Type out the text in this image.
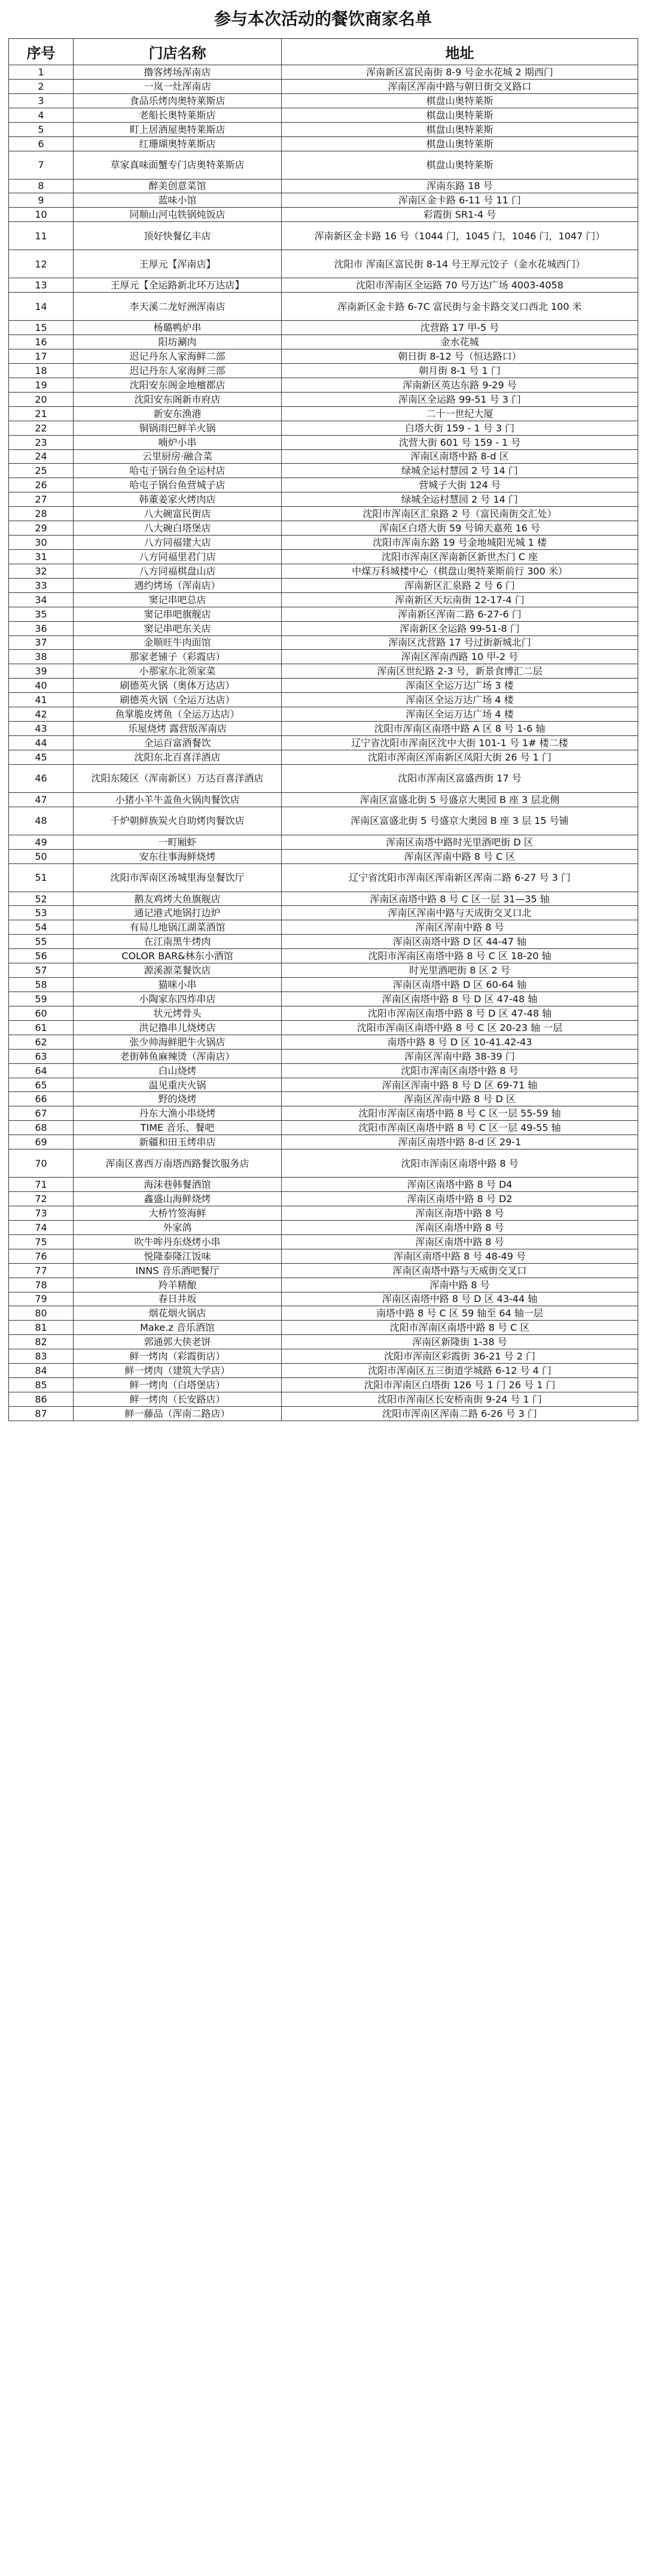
参与本次活动的餐饮商家名单
序号	门店名称	地址
1	撸客烤场浑南店	浑南新区富民南街 8-9 号金水花城 2 期西门
2	一岚一灶浑南店	浑南区浑南中路与朝日街交叉路口
3	食品乐烤肉奥特莱斯店	棋盘山奥特莱斯
4	老船长奥特莱斯店	棋盘山奥特莱斯
5	町上居酒屋奥特莱斯店	棋盘山奥特莱斯
6	红珊瑚奥特莱斯店	棋盘山奥特莱斯
7	草家真味面蟹专门店奥特莱斯店	棋盘山奥特莱斯
8	醉美创意菜馆	浑南东路 18 号
9	蓝味小馆	浑南区金卡路 6-11 号 11 门
10	同顺山河屯铁锅炖饭店	彩霞街 SR1-4 号
11	顶好快餐亿丰店	浑南新区金卡路 16 号（1044 门，1045 门，1046 门，1047 门）
12	王厚元【浑南店】	沈阳市 浑南区富民街 8-14 号王厚元饺子（金水花城西门）
13	王厚元【全运路新北环万达店】	沈阳市浑南区全运路 70 号万达广场 4003-4058
14	李天溪二龙好洲浑南店	浑南新区金卡路 6-7C 富民街与金卡路交叉口西北 100 米
15	杨璐鸭炉串	沈营路 17 甲-5 号
16	阳坊涮肉	金水花城
17	迟记丹东人家海鲜二部	朝日街 8-12 号（恒达路口）
18	迟记丹东人家海鲜三部	朝月街 8-1 号 1 门
19	沈阳安东阁金地檀郡店	浑南新区英达东路 9-29 号
20	沈阳安东阁新市府店	浑南区全运路 99-51 号 3 门
21	新安东渔港	二十一世纪大厦
22	铜锅雨巴鲜羊火锅	白塔大街 159 - 1 号 3 门
23	喃炉小串	沈营大街 601 号 159 - 1 号
24	云里厨房·融合菜	浑南区南塔中路 8-d 区
25	哈屯子锅台鱼全运村店	绿城全运村慧园 2 号 14 门
26	哈屯子锅台鱼营城子店	营城子大街 124 号
27	韩董姜家火烤肉店	绿城全运村慧园 2 号 14 门
28	八大碗富民街店	沈阳市浑南区汇泉路 2 号（富民南街交汇处）
29	八大碗白塔堡店	浑南区白塔大街 59 号锦天嘉苑 16 号
30	八方同福建大店	沈阳市浑南东路 19 号金地城阳光城 1 楼
31	八方同福里君门店	沈阳市浑南区浑南新区新世杰门 C 座
32	八方同福棋盘山店	中煤万科城楼中心（棋盘山奥特莱斯前行 300 米）
33	遇约烤场（浑南店）	浑南新区汇泉路 2 号 6 门
34	窦记串吧总店	浑南新区天坛南街 12-17-4 门
35	窦记串吧旗舰店	浑南新区浑南二路 6-27-6 门
36	窦记串吧东关店	浑南新区全运路 99-51-8 门
37	金顺旺牛肉面馆	浑南区沈营路 17 号过街新城北门
38	那家老铺子（彩霞店）	浑南区浑南西路 10 甲-2 号
39	小那家东北领家菜	浑南区世纪路 2-3 号，新景食博汇二层
40	刷德英火锅（奥体万达店）	浑南区全运万达广场 3 楼
41	刷德英火锅（全运万达店）	浑南区全运万达广场 4 楼
42	鱼掌脆皮烤鱼（全运万达店）	浑南区全运万达广场 4 楼
43	乐屋烧烤 露营版浑南店	沈阳市浑南区南塔中路 A 区 8 号 1-6 轴
44	全运百富酒餐饮	辽宁省沈阳市浑南区沈中大街 101-1 号 1# 楼二楼
45	沈阳东北百喜洋酒店	沈阳市浑南区浑南新区凤阳大街 26 号 1 门
46	沈阳东陵区（浑南新区）万达百喜洋酒店	沈阳市浑南区富盛西街 17 号
47	小猪小羊牛盖鱼火锅肉餐饮店	浑南区富盛北街 5 号盛京大奥园 B 座 3 层北侧
48	千炉朝鲜族炭火自助烤肉餐饮店	浑南区富盛北街 5 号盛京大奥园 B 座 3 层 15 号铺
49	一町厢虾	浑南区南塔中路时光里酒吧街 D 区
50	安东往事海鲜烧烤	浑南区浑南中路 8 号 C 区
51	沈阳市浑南区汤城里海皇餐饮厅	辽宁省沈阳市浑南区浑南新区浑南二路 6-27 号 3 门
52	鹅友鸡烤大鱼旗舰店	浑南区南塔中路 8 号 C 区一层 31—35 轴
53	通记港式地锅打边炉	浑南区浑南中路与天成街交叉口北
54	有局儿地锅江湖菜酒馆	浑南区浑南中路 8 号
55	在江南黑牛烤肉	浑南区南塔中路 D 区 44-47 轴
56	COLOR BAR&林东小酒馆	沈阳市浑南区南塔中路 8 号 C 区 18-20 轴
57	源溪源菜餐饮店	时光里酒吧街 8 区 2 号
58	猫咪小串	浑南区南塔中路 D 区 60-64 轴
59	小陶家东四炸串店	浑南区南塔中路 8 号 D 区 47-48 轴
60	状元烤骨头	沈阳市浑南区南塔中路 8 号 D 区 47-48 轴
61	洪记撸串儿烧烤店	沈阳市浑南区南塔中路 8 号 C 区 20-23 轴 一层
62	张少帅海鲜肥牛火锅店	南塔中路 8 号 D 区 10-41.42-43
63	老街韩鱼麻辣烫（浑南店）	浑南区浑南中路 38-39 门
64	白山烧烤	沈阳市浑南区南塔中路 8 号
65	温见重庆火锅	浑南区浑南中路 8 号 D 区 69-71 轴
66	野的烧烤	浑南区浑南中路 8 号 D 区
67	丹东大渔小串烧烤	沈阳市浑南区南塔中路 8 号 C 区一层 55-59 轴
68	TIME 音乐、餐吧	沈阳市浑南区南塔中路 8 号 C 区一层 49-55 轴
69	新疆和田玉烤串店	浑南区南塔中路 8-d 区 29-1
70	浑南区喜西万南塔西路餐饮服务店	沈阳市浑南区南塔中路 8 号
71	海沫巷韩餐酒馆	浑南区南塔中路 8 号 D4
72	鑫盛山海鲜烧烤	浑南区南塔中路 8 号 D2
73	大桥竹签海鲜	浑南区南塔中路 8 号
74	外家鸽	浑南区南塔中路 8 号
75	吹牛哞丹东烧烤小串	浑南区南塔中路 8 号
76	悦隆泰隆江饭味	浑南区南塔中路 8 号 48-49 号
77	INNS 音乐酒吧餐厅	浑南区南塔中路与天威街交叉口
78	羚羊精酿	浑南中路 8 号
79	春日井坂	浑南区南塔中路 8 号 D 区 43-44 轴
80	烟花烟火锅店	南塔中路 8 号 C 区 59 轴至 64 轴一层
81	Make.z 音乐酒馆	沈阳市浑南区南塔中路 8 号 C 区
82	郭通郭大侠老饼	浑南区新隆街 1-38 号
83	鲜一烤肉（彩霞街店）	沈阳市浑南区彩霞街 36-21 号 2 门
84	鲜一烤肉（建筑大学店）	沈阳市浑南区五三街道学城路 6-12 号 4 门
85	鲜一烤肉（白塔堡店）	沈阳市浑南区白塔街 126 号 1 门 26 号 1 门
86	鲜一烤肉（长安路店）	沈阳市浑南区长安桥南街 9-24 号 1 门
87	鲜一藤品（浑南二路店）	沈阳市浑南区浑南二路 6-26 号 3 门
